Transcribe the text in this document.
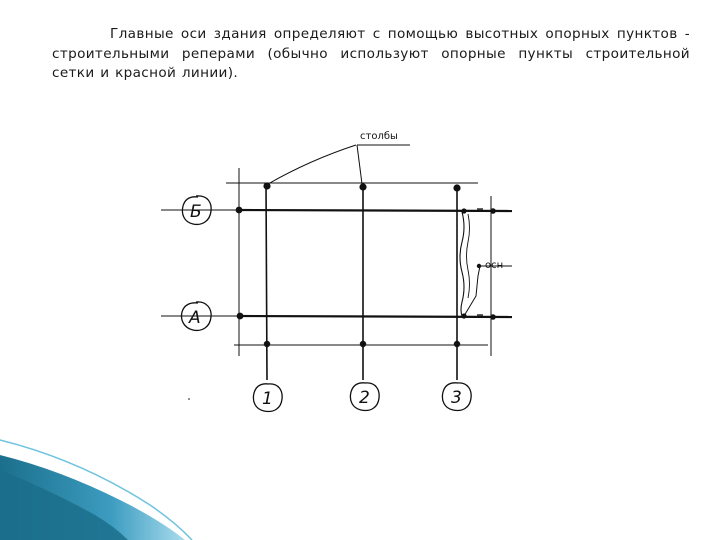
Главные оси здания определяют с помощью высотных опорных пунктов - строительными реперами (обычно используют опорные пункты строительной сетки и красной линии).

столбы
осн
Б
А
1	2	3
